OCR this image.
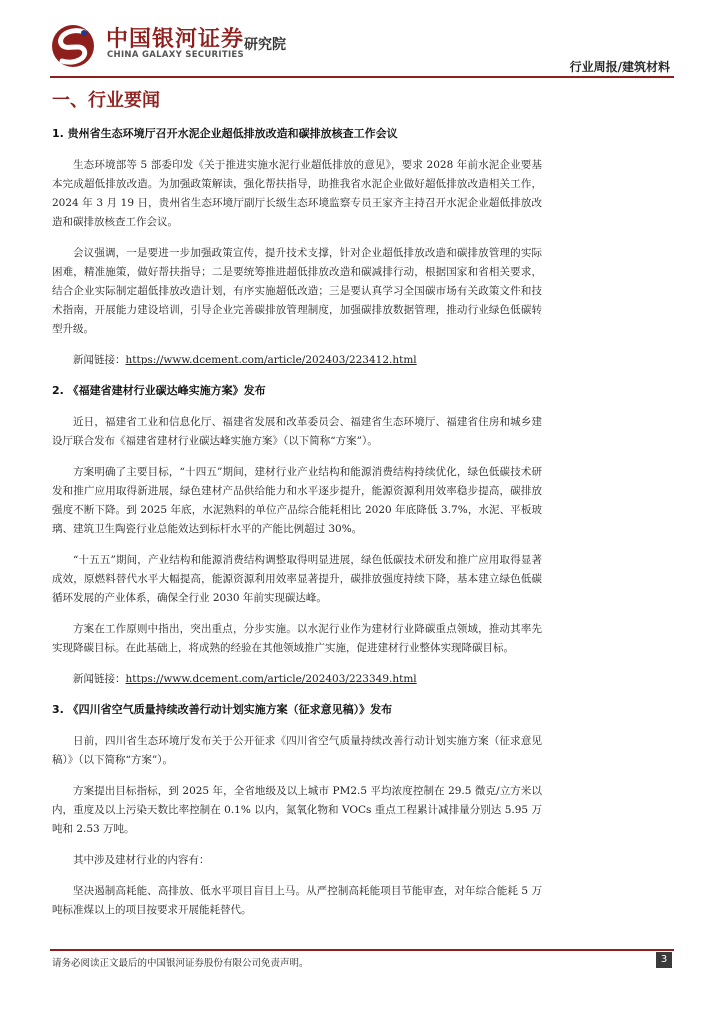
中国银河证券 研究院
CHINA GALAXY SECURITIES
行业周报/建筑材料
一、行业要闻
1. 贵州省生态环境厅召开水泥企业超低排放改造和碳排放核查工作会议

生态环境部等 5 部委印发《关于推进实施水泥行业超低排放的意见》，要求 2028 年前水泥企业要基本完成超低排放改造。为加强政策解读，强化帮扶指导，助推我省水泥企业做好超低排放改造相关工作，2024 年 3 月 19 日，贵州省生态环境厅副厅长级生态环境监察专员王家齐主持召开水泥企业超低排放改造和碳排放核查工作会议。

会议强调，一是要进一步加强政策宣传，提升技术支撑，针对企业超低排放改造和碳排放管理的实际困难，精准施策，做好帮扶指导；二是要统筹推进超低排放改造和碳减排行动，根据国家和省相关要求，结合企业实际制定超低排放改造计划，有序实施超低改造；三是要认真学习全国碳市场有关政策文件和技术指南，开展能力建设培训，引导企业完善碳排放管理制度，加强碳排放数据管理，推动行业绿色低碳转型升级。

新闻链接：https://www.dcement.com/article/202403/223412.html

2. 《福建省建材行业碳达峰实施方案》发布

近日，福建省工业和信息化厅、福建省发展和改革委员会、福建省生态环境厅、福建省住房和城乡建设厅联合发布《福建省建材行业碳达峰实施方案》（以下简称“方案”）。

方案明确了主要目标，“十四五”期间，建材行业产业结构和能源消费结构持续优化，绿色低碳技术研发和推广应用取得新进展，绿色建材产品供给能力和水平逐步提升，能源资源利用效率稳步提高，碳排放强度不断下降。到 2025 年底，水泥熟料的单位产品综合能耗相比 2020 年底降低 3.7%，水泥、平板玻璃、建筑卫生陶瓷行业总能效达到标杆水平的产能比例超过 30%。

“十五五”期间，产业结构和能源消费结构调整取得明显进展，绿色低碳技术研发和推广应用取得显著成效，原燃料替代水平大幅提高，能源资源利用效率显著提升，碳排放强度持续下降，基本建立绿色低碳循环发展的产业体系，确保全行业 2030 年前实现碳达峰。

方案在工作原则中指出，突出重点，分步实施。以水泥行业作为建材行业降碳重点领域，推动其率先实现降碳目标。在此基础上，将成熟的经验在其他领域推广实施，促进建材行业整体实现降碳目标。

新闻链接：https://www.dcement.com/article/202403/223349.html

3. 《四川省空气质量持续改善行动计划实施方案（征求意见稿）》发布

日前，四川省生态环境厅发布关于公开征求《四川省空气质量持续改善行动计划实施方案（征求意见稿）》（以下简称“方案”）。

方案提出目标指标，到 2025 年，全省地级及以上城市 PM2.5 平均浓度控制在 29.5 微克/立方米以内，重度及以上污染天数比率控制在 0.1% 以内，氮氧化物和 VOCs 重点工程累计减排量分别达 5.95 万吨和 2.53 万吨。

其中涉及建材行业的内容有：

坚决遏制高耗能、高排放、低水平项目盲目上马。从严控制高耗能项目节能审查，对年综合能耗 5 万吨标准煤以上的项目按要求开展能耗替代。

请务必阅读正文最后的中国银河证券股份有限公司免责声明。	3
